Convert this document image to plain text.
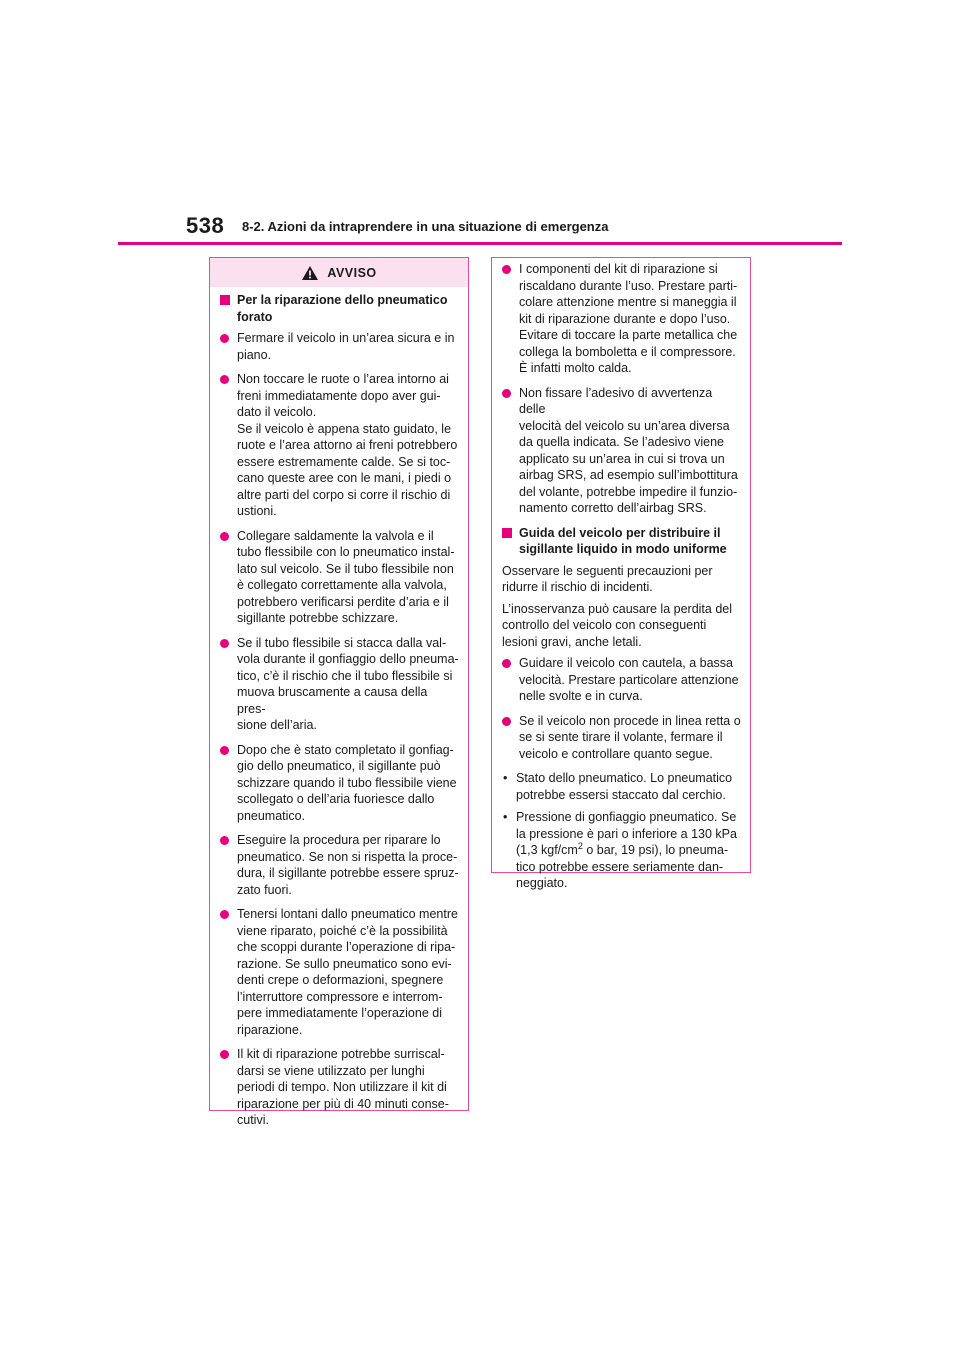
538 8-2. Azioni da intraprendere in una situazione di emergenza
AVVISO
Per la riparazione dello pneumatico
forato
Fermare il veicolo in un’area sicura e in
piano.
Non toccare le ruote o l’area intorno ai
freni immediatamente dopo aver gui-
dato il veicolo.
Se il veicolo è appena stato guidato, le
ruote e l’area attorno ai freni potrebbero
essere estremamente calde. Se si toc-
cano queste aree con le mani, i piedi o
altre parti del corpo si corre il rischio di
ustioni.
Collegare saldamente la valvola e il
tubo flessibile con lo pneumatico instal-
lato sul veicolo. Se il tubo flessibile non
è collegato correttamente alla valvola,
potrebbero verificarsi perdite d’aria e il
sigillante potrebbe schizzare.
Se il tubo flessibile si stacca dalla val-
vola durante il gonfiaggio dello pneuma-
tico, c’è il rischio che il tubo flessibile si
muova bruscamente a causa della pres-
sione dell’aria.
Dopo che è stato completato il gonfiag-
gio dello pneumatico, il sigillante può
schizzare quando il tubo flessibile viene
scollegato o dell’aria fuoriesce dallo
pneumatico.
Eseguire la procedura per riparare lo
pneumatico. Se non si rispetta la proce-
dura, il sigillante potrebbe essere spruz-
zato fuori.
Tenersi lontani dallo pneumatico mentre
viene riparato, poiché c’è la possibilità
che scoppi durante l’operazione di ripa-
razione. Se sullo pneumatico sono evi-
denti crepe o deformazioni, spegnere
l’interruttore compressore e interrom-
pere immediatamente l’operazione di
riparazione.
Il kit di riparazione potrebbe surriscal-
darsi se viene utilizzato per lunghi
periodi di tempo. Non utilizzare il kit di
riparazione per più di 40 minuti conse-
cutivi.
I componenti del kit di riparazione si
riscaldano durante l’uso. Prestare parti-
colare attenzione mentre si maneggia il
kit di riparazione durante e dopo l’uso.
Evitare di toccare la parte metallica che
collega la bomboletta e il compressore.
È infatti molto calda.
Non fissare l’adesivo di avvertenza delle
velocità del veicolo su un’area diversa
da quella indicata. Se l’adesivo viene
applicato su un’area in cui si trova un
airbag SRS, ad esempio sull’imbottitura
del volante, potrebbe impedire il funzio-
namento corretto dell’airbag SRS.
Guida del veicolo per distribuire il
sigillante liquido in modo uniforme
Osservare le seguenti precauzioni per
ridurre il rischio di incidenti.
L’inosservanza può causare la perdita del
controllo del veicolo con conseguenti
lesioni gravi, anche letali.
Guidare il veicolo con cautela, a bassa
velocità. Prestare particolare attenzione
nelle svolte e in curva.
Se il veicolo non procede in linea retta o
se si sente tirare il volante, fermare il
veicolo e controllare quanto segue.
• Stato dello pneumatico. Lo pneumatico
potrebbe essersi staccato dal cerchio.
• Pressione di gonfiaggio pneumatico. Se
la pressione è pari o inferiore a 130 kPa
(1,3 kgf/$cm^2$ o bar, 19 psi), lo pneuma-
tico potrebbe essere seriamente dan-
neggiato.
